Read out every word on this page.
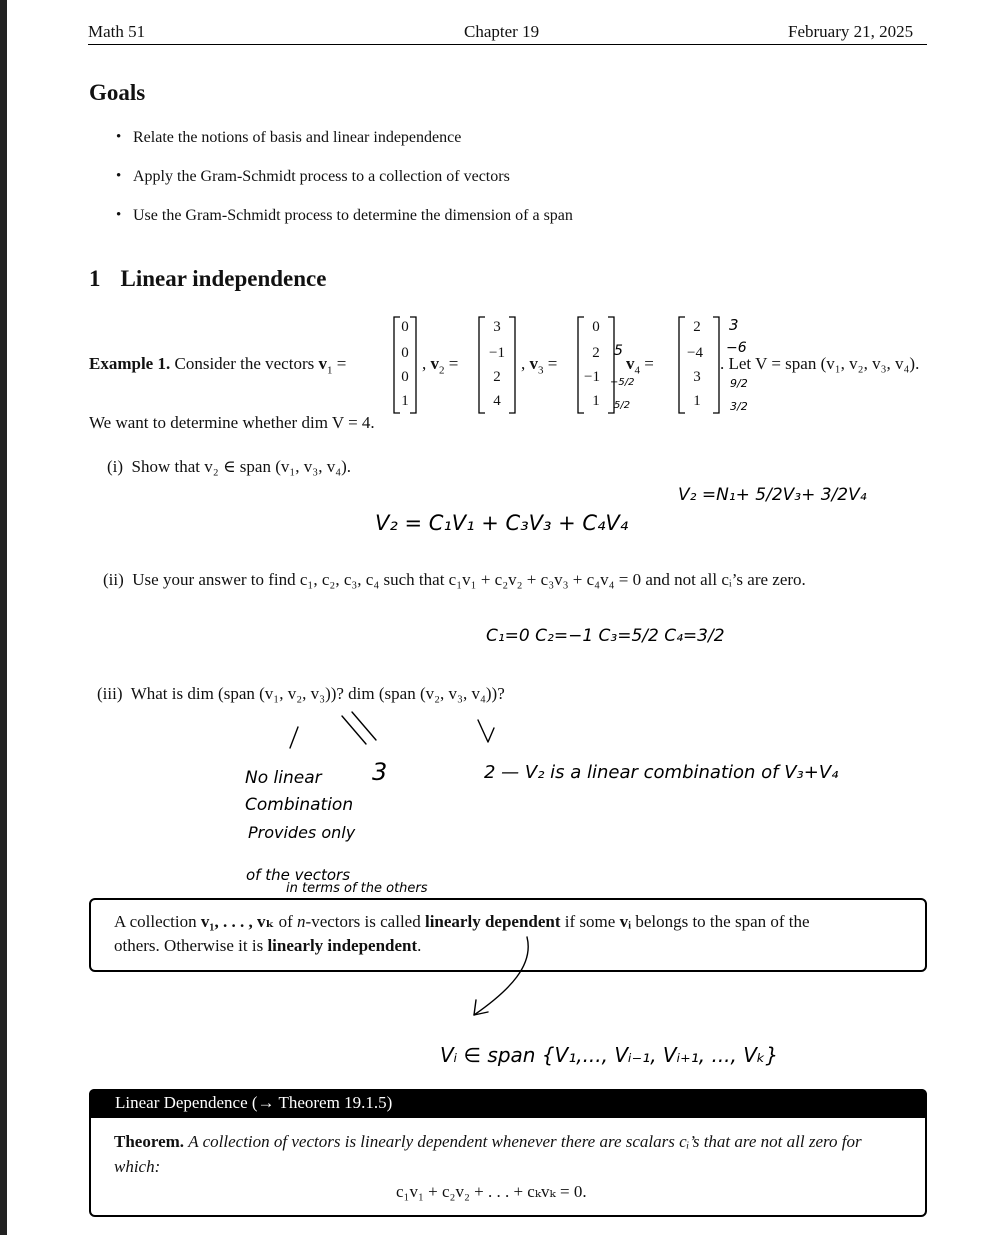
Math 51	Chapter 19	February 21, 2025
Goals
• Relate the notions of basis and linear independence
• Apply the Gram-Schmidt process to a collection of vectors
• Use the Gram-Schmidt process to determine the dimension of a span
1 Linear independence
Example 1. Consider the vectors $v_1$ =
0
0
0
1
, $v_2$ =
3
−1
2
4
, $v_3$ =
0
2
−1
1
$v_4$ =
2
−4
3
1
. Let V = span (v₁, v₂, v₃, v₄).
We want to determine whether dim V = 4.
(i) Show that v₂ ∈ span (v₁, v₃, v₄).
(ii) Use your answer to find c₁, c₂, c₃, c₄ such that c₁v₁ + c₂v₂ + c₃v₃ + c₄v₄ = 0 and not all cᵢ’s are zero.
(iii) What is dim (span (v₁, v₂, v₃))? dim (span (v₂, v₃, v₄))?
3
−6
9/2
3/2
5
−5/2
5/2
V₂ =N₁+ 5/2V₃+ 3/2V₄
V₂ = C₁V₁ + C₃V₃ + C₄V₄
C₁=0 C₂=−1 C₃=5/2 C₄=3/2
3
No linear
Combination
Provides only
of the vectors
in terms of the others
2 — V₂ is a linear combination of V₃+V₄
Vᵢ ∈ span {V₁,..., Vᵢ₋₁, Vᵢ₊₁, ..., Vₖ}
A collection v₁, . . . , vₖ of n-vectors is called linearly dependent if some vᵢ belongs to the span of the
others. Otherwise it is linearly independent.
Linear Dependence (→ Theorem 19.1.5)
Theorem. A collection of vectors is linearly dependent whenever there are scalars cᵢ’s that are not all zero for
which:
c₁v₁ + c₂v₂ + . . . + cₖvₖ = 0.
